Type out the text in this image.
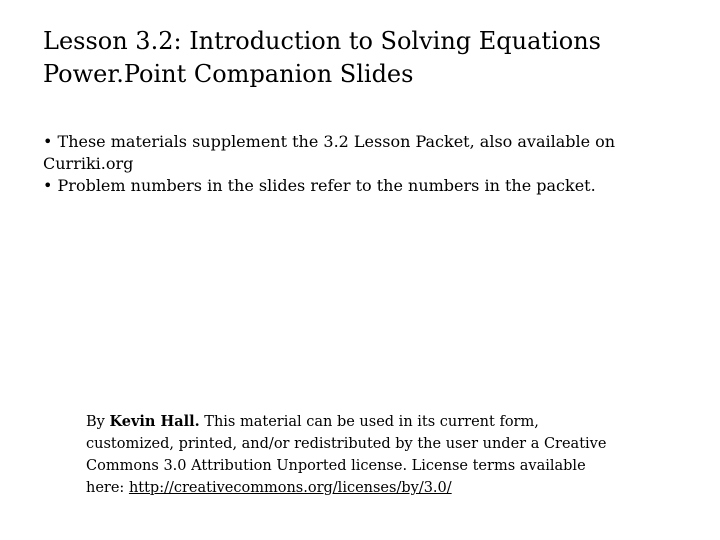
Lesson 3.2: Introduction to Solving Equations
Power.Point Companion Slides
• These materials supplement the 3.2 Lesson Packet, also available on
Curriki.org
• Problem numbers in the slides refer to the numbers in the packet.
By Kevin Hall. This material can be used in its current form,
customized, printed, and/or redistributed by the user under a Creative
Commons 3.0 Attribution Unported license. License terms available
here: http://creativecommons.org/licenses/by/3.0/
